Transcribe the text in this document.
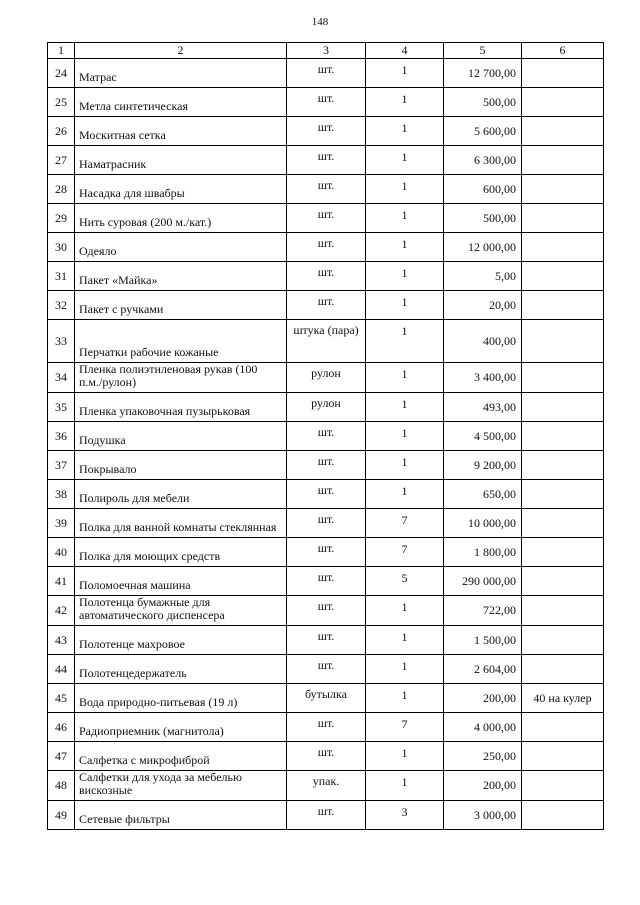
148
1	2	3	4	5	6
24	Матрас	шт.	1	12 700,00	
25	Метла синтетическая	шт.	1	500,00	
26	Москитная сетка	шт.	1	5 600,00	
27	Наматрасник	шт.	1	6 300,00	
28	Насадка для швабры	шт.	1	600,00	
29	Нить суровая (200 м./кат.)	шт.	1	500,00	
30	Одеяло	шт.	1	12 000,00	
31	Пакет «Майка»	шт.	1	5,00	
32	Пакет с ручками	шт.	1	20,00	
33	Перчатки рабочие кожаные	штука (пара)	1	400,00	
34	Пленка полиэтиленовая рукав (100 п.м./рулон)	рулон	1	3 400,00	
35	Пленка упаковочная пузырьковая	рулон	1	493,00	
36	Подушка	шт.	1	4 500,00	
37	Покрывало	шт.	1	9 200,00	
38	Полироль для мебели	шт.	1	650,00	
39	Полка для ванной комнаты стеклянная	шт.	7	10 000,00	
40	Полка для моющих средств	шт.	7	1 800,00	
41	Поломоечная машина	шт.	5	290 000,00	
42	Полотенца бумажные для автоматического диспенсера	шт.	1	722,00	
43	Полотенце махровое	шт.	1	1 500,00	
44	Полотенцедержатель	шт.	1	2 604,00	
45	Вода природно-питьевая (19 л)	бутылка	1	200,00	40 на кулер
46	Радиоприемник (магнитола)	шт.	7	4 000,00	
47	Салфетка с микрофиброй	шт.	1	250,00	
48	Салфетки для ухода за мебелью вискозные	упак.	1	200,00	
49	Сетевые фильтры	шт.	3	3 000,00	
